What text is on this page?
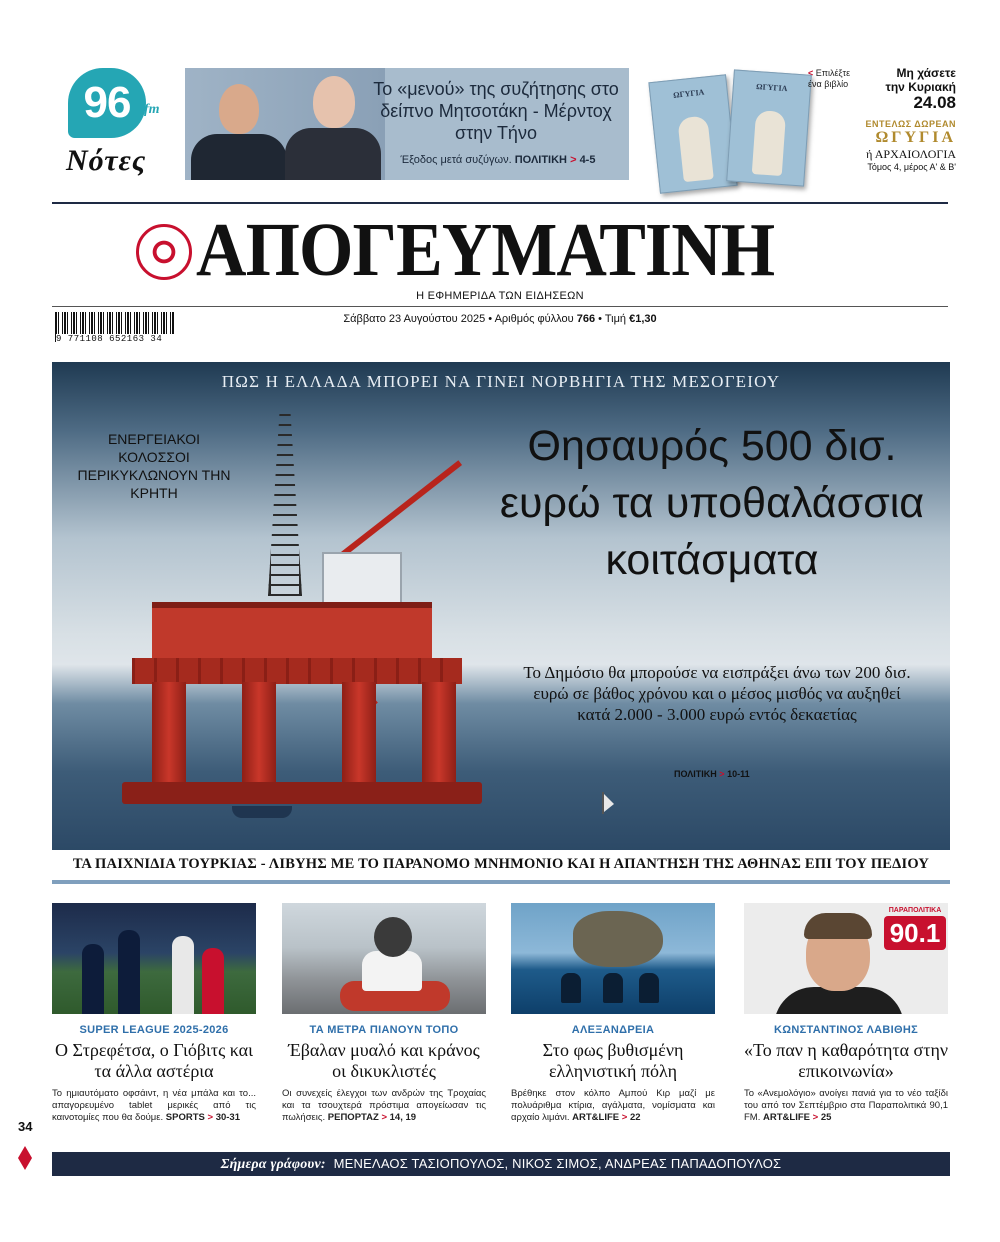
96 fm
Νότες
Το «μενού» της συζήτησης στο δείπνο Μητσοτάκη - Μέρντοχ στην Τήνο
Έξοδος μετά συζύγων. ΠΟΛΙΤΙΚΗ > 4-5
ΩΓΥΓΙΑ
ΩΓΥΓΙΑ
< Επιλέξτε
ένα βιβλίο
Μη χάσετε
την Κυριακή
24.08
ΕΝΤΕΛΩΣ ΔΩΡΕΑΝ
ΩΓΥΓΙΑ
ή ΑΡΧΑΙΟΛΟΓΙΑ
Τόμος 4, μέρος Α' & Β'
ΑΠΟΓΕΥΜΑΤΙΝΗ
Η ΕΦΗΜΕΡΙΔΑ ΤΩΝ ΕΙΔΗΣΕΩΝ
9 771108 652163 34
Σάββατο 23 Αυγούστου 2025 • Αριθμός φύλλου 766 • Τιμή €1,30
ΠΩΣ Η ΕΛΛΑΔΑ ΜΠΟΡΕΙ ΝΑ ΓΙΝΕΙ ΝΟΡΒΗΓΙΑ ΤΗΣ ΜΕΣΟΓΕΙΟΥ
ΕΝΕΡΓΕΙΑΚΟΙ ΚΟΛΟΣΣΟΙ ΠΕΡΙΚΥΚΛΩΝΟΥΝ ΤΗΝ ΚΡΗΤΗ
Θησαυρός 500 δισ. ευρώ τα υποθαλάσσια κοιτάσματα
Το Δημόσιο θα μπορούσε να εισπράξει άνω των 200 δισ. ευρώ σε βάθος χρόνου και ο μέσος μισθός να αυξηθεί κατά 2.000 - 3.000 ευρώ εντός δεκαετίας
ΠΟΛΙΤΙΚΗ > 10-11
ΤΑ ΠΑΙΧΝΙΔΙΑ ΤΟΥΡΚΙΑΣ - ΛΙΒΥΗΣ ΜΕ ΤΟ ΠΑΡΑΝΟΜΟ ΜΝΗΜΟΝΙΟ ΚΑΙ Η ΑΠΑΝΤΗΣΗ ΤΗΣ ΑΘΗΝΑΣ ΕΠΙ ΤΟΥ ΠΕΔΙΟΥ
SUPER LEAGUE 2025-2026
Ο Στρεφέτσα, ο Γιόβιτς και τα άλλα αστέρια
Το ημιαυτόματο οφσάιντ, η νέα μπάλα και το... απαγορευμένο tablet μερικές από τις καινοτομίες που θα δούμε. SPORTS > 30-31
ΤΑ ΜΕΤΡΑ ΠΙΑΝΟΥΝ ΤΟΠΟ
Έβαλαν μυαλό και κράνος οι δικυκλιστές
Οι συνεχείς έλεγχοι των ανδρών της Τροχαίας και τα τσουχτερά πρόστιμα απογείωσαν τις πωλήσεις. ΡΕΠΟΡΤΑΖ > 14, 19
ΑΛΕΞΑΝΔΡΕΙΑ
Στο φως βυθισμένη ελληνιστική πόλη
Βρέθηκε στον κόλπο Αμπού Κιρ μαζί με πολυάριθμα κτίρια, αγάλματα, νομίσματα και αρχαίο λιμάνι. ART&LIFE > 22
ΠΑΡΑΠΟΛΙΤΙΚΑ
90.1
ΚΩΝΣΤΑΝΤΙΝΟΣ ΛΑΒΙΘΗΣ
«Το παν η καθαρότητα στην επικοινωνία»
Το «Ανεμολόγιο» ανοίγει πανιά για το νέο ταξίδι του από τον Σεπτέμβριο στα Παραπολιτικά 90,1 FM. ART&LIFE > 25
34
Σήμερα γράφουν: ΜΕΝΕΛΑΟΣ ΤΑΣΙΟΠΟΥΛΟΣ, ΝΙΚΟΣ ΣΙΜΟΣ, ΑΝΔΡΕΑΣ ΠΑΠΑΔΟΠΟΥΛΟΣ
